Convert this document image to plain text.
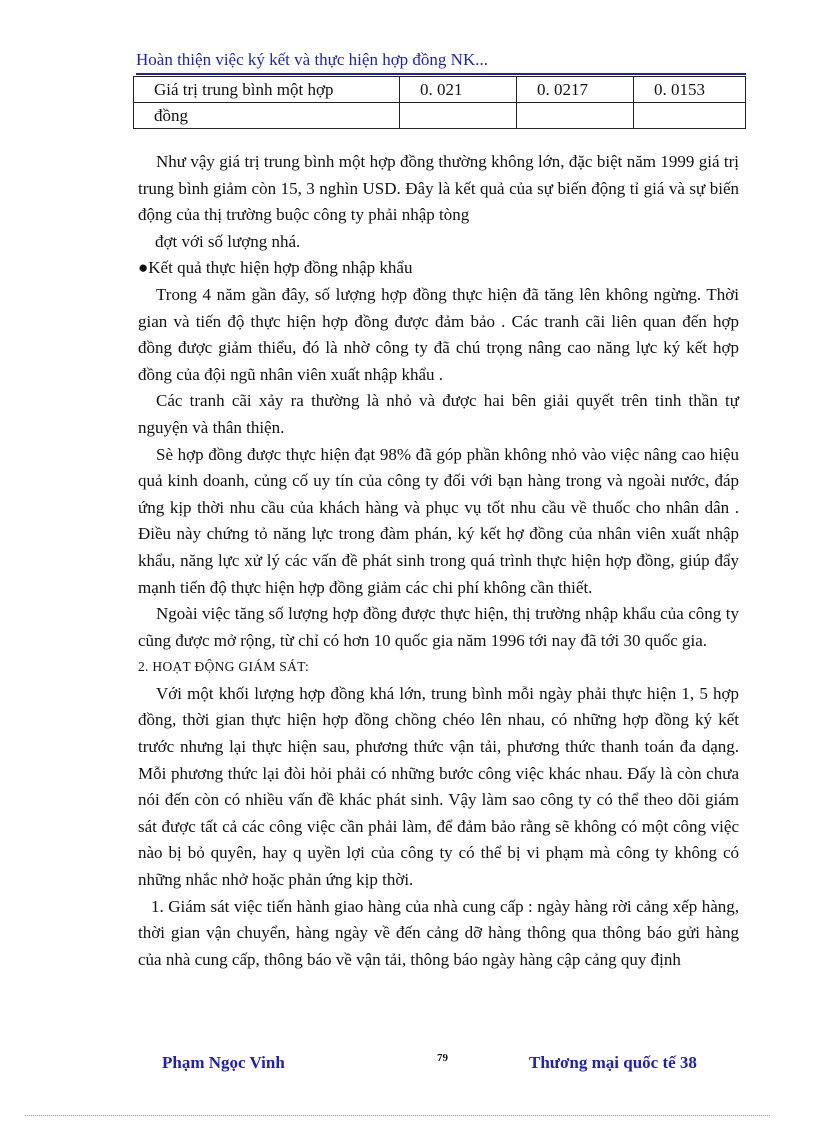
Hoàn thiện việc ký kết và thực hiện hợp đồng NK...
Giá trị trung bình một hợp	0. 021	0. 0217	0. 0153
đồng			

Như vậy giá trị trung bình một hợp đồng thường không lớn, đặc biệt năm 1999 giá trị trung bình giảm còn 15, 3 nghìn USD. Đây là kết quả của sự biến động tỉ giá và sự biến động của thị trường buộc công ty phải nhập tòng

đợt với số lượng nhá.

●Kết quả thực hiện hợp đồng nhập khẩu

Trong 4 năm gần đây, số lượng hợp đồng thực hiện đã tăng lên không ngừng. Thời gian và tiến độ thực hiện hợp đồng được đảm bảo . Các tranh cãi liên quan đến hợp đồng được giảm thiểu, đó là nhờ công ty đã chú trọng nâng cao năng lực ký kết hợp đồng của đội ngũ nhân viên xuất nhập khẩu .

Các tranh cãi xảy ra thường là nhỏ và được hai bên giải quyết trên tinh thần tự nguyện và thân thiện.

Sè hợp đồng được thực hiện đạt 98% đã góp phần không nhỏ vào việc nâng cao hiệu quả kinh doanh, củng cố uy tín của công ty đối với bạn hàng trong và ngoài nước, đáp ứng kịp thời nhu cầu của khách hàng và phục vụ tốt nhu cầu về thuốc cho nhân dân . Điều này chứng tỏ năng lực trong đàm phán, ký kết hợ đồng của nhân viên xuất nhập khẩu, năng lực xử lý các vấn đề phát sinh trong quá trình thực hiện hợp đồng, giúp đẩy mạnh tiến độ thực hiện hợp đồng giảm các chi phí không cần thiết.

Ngoài việc tăng số lượng hợp đồng được thực hiện, thị trường nhập khẩu của công ty cũng được mở rộng, từ chỉ có hơn 10 quốc gia năm 1996 tới nay đã tới 30 quốc gia.

2. HOẠT ĐỘNG GIÁM SÁT:

Với một khối lượng hợp đồng khá lớn, trung bình mỗi ngày phải thực hiện 1, 5 hợp đồng, thời gian thực hiện hợp đồng chồng chéo lên nhau, có những hợp đồng ký kết trước nhưng lại thực hiện sau, phương thức vận tải, phương thức thanh toán đa dạng. Mỗi phương thức lại đòi hỏi phải có những bước công việc khác nhau. Đấy là còn chưa nói đến còn có nhiều vấn đề khác phát sinh. Vậy làm sao công ty có thể theo dõi giám sát được tất cả các công việc cần phải làm, để đảm bảo rằng sẽ không có một công việc nào bị bỏ quyên, hay q uyền lợi của công ty có thể bị vi phạm mà công ty không có những nhắc nhở hoặc phản ứng kịp thời.

1. Giám sát việc tiến hành giao hàng của nhà cung cấp : ngày hàng rời cảng xếp hàng, thời gian vận chuyển, hàng ngày về đến cảng dỡ hàng thông qua thông báo gửi hàng của nhà cung cấp, thông báo về vận tải, thông báo ngày hàng cập cảng quy định

Phạm Ngọc Vinh	79	Thương mại quốc tế 38
